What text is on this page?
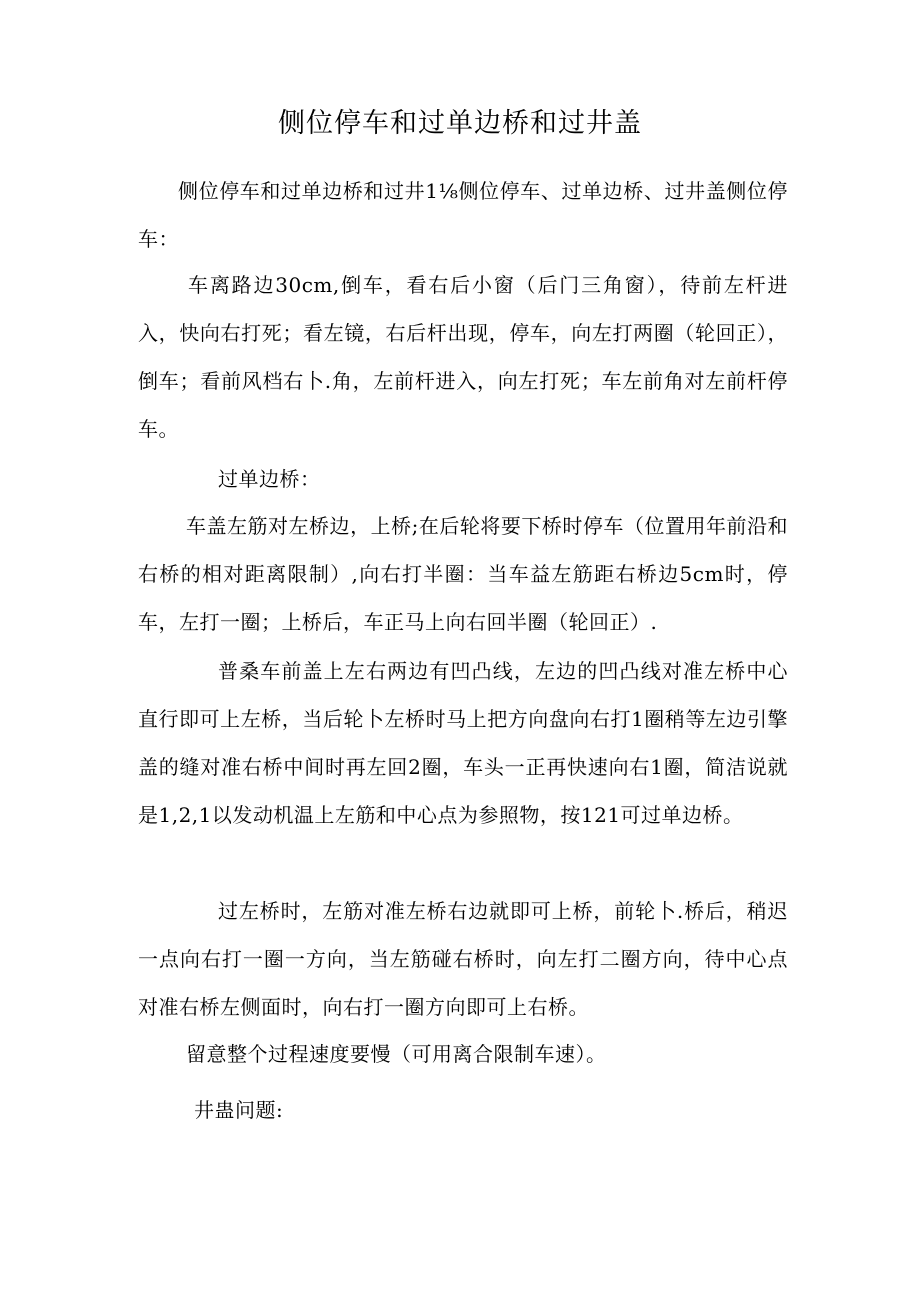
侧位停车和过单边桥和过井盖

侧位停车和过单边桥和过井1⅛侧位停车、过单边桥、过井盖侧位停车：

车离路边30cm,倒车，看右后小窗（后门三角窗），待前左杆进入，快向右打死；看左镜，右后杆出现，停车，向左打两圈（轮回正），倒车；看前风档右卜.角，左前杆进入，向左打死；车左前角对左前杆停车。

过单边桥：

车盖左筋对左桥边，上桥;在后轮将要下桥时停车（位置用年前沿和右桥的相对距离限制）,向右打半圈：当车益左筋距右桥边5cm时，停车，左打一圈；上桥后，车正马上向右回半圈（轮回正）.

普桑车前盖上左右两边有凹凸线，左边的凹凸线对准左桥中心直行即可上左桥，当后轮卜左桥时马上把方向盘向右打1圈稍等左边引擎盖的缝对准右桥中间时再左回2圈，车头一正再快速向右1圈，简洁说就是1,2,1以发动机温上左筋和中心点为参照物，按121可过单边桥。

过左桥时，左筋对准左桥右边就即可上桥，前轮卜.桥后，稍迟一点向右打一圈一方向，当左筋碰右桥时，向左打二圈方向，待中心点对准右桥左侧面时，向右打一圈方向即可上右桥。

留意整个过程速度要慢（可用离合限制车速）。

井蛊问题:
